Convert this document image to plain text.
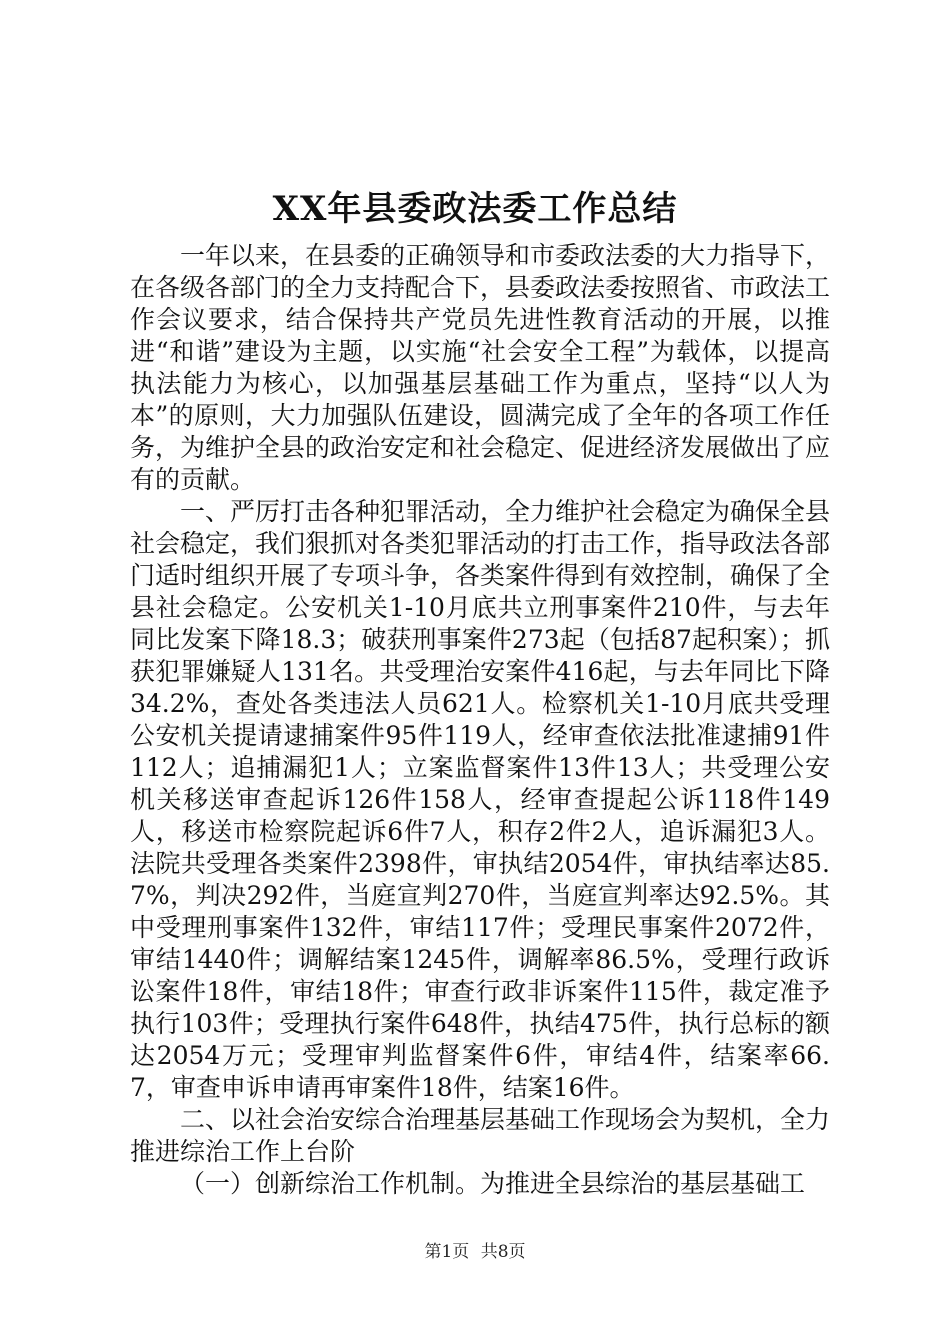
XX年县委政法委工作总结

一年以来，在县委的正确领导和市委政法委的大力指导下，在各级各部门的全力支持配合下，县委政法委按照省、市政法工作会议要求，结合保持共产党员先进性教育活动的开展，以推进“和谐”建设为主题，以实施“社会安全工程”为载体，以提高执法能力为核心，以加强基层基础工作为重点，坚持“以人为本”的原则，大力加强队伍建设，圆满完成了全年的各项工作任务，为维护全县的政治安定和社会稳定、促进经济发展做出了应有的贡献。

一、严厉打击各种犯罪活动，全力维护社会稳定为确保全县社会稳定，我们狠抓对各类犯罪活动的打击工作，指导政法各部门适时组织开展了专项斗争，各类案件得到有效控制，确保了全县社会稳定。公安机关1-10月底共立刑事案件210件，与去年同比发案下降18.3；破获刑事案件273起（包括87起积案）；抓获犯罪嫌疑人131名。共受理治安案件416起，与去年同比下降34.2%，查处各类违法人员621人。检察机关1-10月底共受理公安机关提请逮捕案件95件119人，经审查依法批准逮捕91件112人；追捕漏犯1人；立案监督案件13件13人；共受理公安机关移送审查起诉126件158人，经审查提起公诉118件149人，移送市检察院起诉6件7人，积存2件2人，追诉漏犯3人。法院共受理各类案件2398件，审执结2054件，审执结率达85.7%，判决292件，当庭宣判270件，当庭宣判率达92.5%。其中受理刑事案件132件，审结117件；受理民事案件2072件，审结1440件；调解结案1245件，调解率86.5%，受理行政诉讼案件18件，审结18件；审查行政非诉案件115件，裁定准予执行103件；受理执行案件648件，执结475件，执行总标的额达2054万元；受理审判监督案件6件，审结4件，结案率66.7，审查申诉申请再审案件18件，结案16件。

二、以社会治安综合治理基层基础工作现场会为契机，全力推进综治工作上台阶

（一）创新综治工作机制。为推进全县综治的基层基础工

第1页 共8页
